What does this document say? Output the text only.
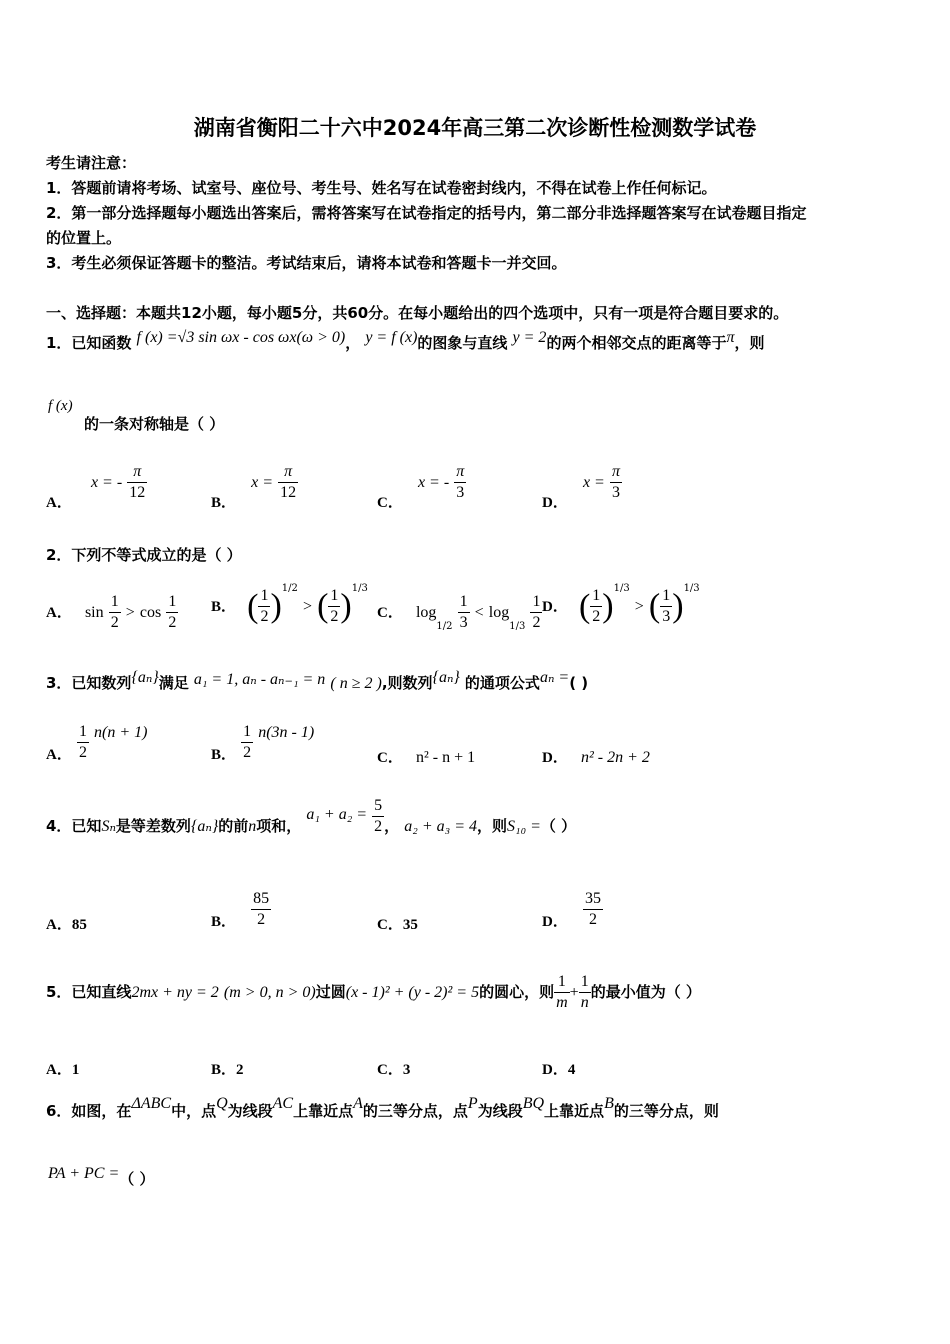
湖南省衡阳二十六中2024年高三第二次诊断性检测数学试卷
考生请注意：
1．答题前请将考场、试室号、座位号、考生号、姓名写在试卷密封线内，不得在试卷上作任何标记。
2．第一部分选择题每小题选出答案后，需将答案写在试卷指定的括号内，第二部分非选择题答案写在试卷题目指定
的位置上。
3．考生必须保证答题卡的整洁。考试结束后，请将本试卷和答题卡一并交回。
一、选择题：本题共12小题，每小题5分，共60分。在每小题给出的四个选项中，只有一项是符合题目要求的。
1．已知函数 f (x) =√3 sin ωx - cos ωx(ω > 0)， y = f (x)的图象与直线 y = 2的两个相邻交点的距离等于π，则
f (x)
的一条对称轴是（ ）
A． x = - $\frac{\pi}{12}$	B． $x = \frac{\pi}{12}$	C． x = - $\frac{\pi}{3}$	D． $x = \frac{\pi}{3}$
2．下列不等式成立的是（ ）
A． $\sin \frac{1}{2} > \cos \frac{1}{2}$ B． ( $\frac{1}{2} )^{1/2}$ > ( $\frac{1}{2} )^{1/3}$
C． $\log_{1/2} \frac{1}{3} < \log_{1/3} \frac{1}{2}$ D． ( $\frac{1}{2} )^{1/3}$ > ( $\frac{1}{3} )^{1/3}$
3．已知数列{aₙ}满足 a₁ = 1, aₙ - aₙ₋₁ = n ( n ≥ 2 ),则数列{aₙ} 的通项公式aₙ =( )
A． $\frac{1}{2} n(n + 1)$
B． $\frac{1}{2} n(3n - 1)$
C． n² - n + 1	D． n² - 2n + 2
4．已知Sₙ是等差数列{aₙ}的前n项和， $a_1 + a_2 = \frac{5}{2}$ ， a₂ + a₃ = 4，则S₁₀ =（ ）
A．85	B． $\frac{85}{2}$	C．35	D． $\frac{35}{2}$
5．已知直线2mx + ny = 2 (m > 0, n > 0)过圆(x - 1)² + (y - 2)² = 5的圆心，则 $\frac{1}{m} + \frac{1}{n}$ 的最小值为（ ）
A．1	B．2	C．3	D．4
6．如图，在ΔABC中，点Q为线段AC上靠近点A的三等分点，点P为线段BQ上靠近点B的三等分点，则
PA + PC =（ ）
